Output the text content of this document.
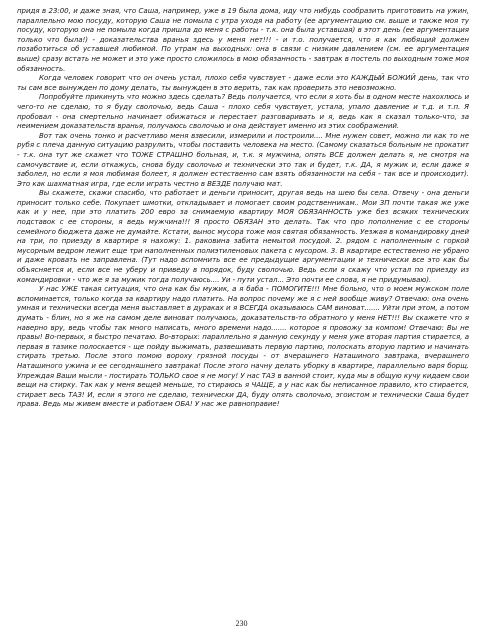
придя в 23:00, и даже зная, что Саша, например, уже в 19 была дома, иду что нибудь сообразить приготовить на ужин, параллельно мою посуду, которую Саша не помыла с утра уходя на работу (ее аргументацию см. выше и также моя ту посуду, которую она не помыла когда пришла до меня с работы - т.к. она была уставшая) в этот день (ее аргументация только что была!) - доказательства вранья здесь у меня нет!!! - и т.о. получается, что я как любящий должен позаботиться об уставшей любимой. По утрам на выходных: она в связи с низким давлением (см. ее аргументация выше) сразу встать не может и это уже просто сложилось в мою обязанность - завтрак в постель по выходным тоже моя обязанность.

Когда человек говорит что он очень устал, плохо себя чувствует - даже если это КАЖДЫЙ БОЖИЙ день, так что ты сам все вынужден по дому делать, ты вынужден в это верить, так как проверить это невозможно.

Попробуйте прикинуть что можно здесь сделать? Ведь получается, что если я хоть бы в одном месте нахохлюсь и чего-то не сделаю, то я буду сволочью, ведь Саша - плохо себя чувствует, устала, упало давление и т.д. и т.п. Я пробовал - она смертельно начинает обижаться и перестает разговаривать и я, ведь как я сказал только-что, за неимением доказательств вранья, получаюсь сволочью и она действует именно из этих соображений.

Вот так очень тонко и расчетливо меня взвесили, измерили и построили.... Мне нужен совет, можно ли как то не рубя с плеча данную ситуацию разрулить, чтобы поставить человека на место. (Самому сказаться больным не прокатит - т.к. она тут же скажет что ТОЖЕ СТРАШНО больная, и, т.к. я мужчина, опять ВСЕ должен делать я, не смотря на самочувствие и, если откажусь, снова буду сволочью и технически это так и будет, т.к. ДА, я мужик и, если даже я заболел, но если я моя любимая болеет, я должен естественно сам взять обязанности на себя - так все и происходит). Это как шахматная игра, где если играть честно в ВЕЗДЕ получаю мат.

Вы скажете, скажи спасибо, что работает и деньги приносит, другая ведь на шею бы села. Отвечу - она деньги приносит только себе. Покупает шмотки, откладывает и помогает своим родственникам.. Мои ЗП почти такая же уже как и у нее, при это платить 200 евро за снимаемую квартиру МОЯ ОБЯЗАННОСТЬ уже без всяких технических подставок с ее стороны, я ведь мужчина!!! Я просто ОБЯЗАН это делать. Так что про пополнение с ее стороны семейного бюджета даже не думайте. Кстати, вынос мусора тоже моя святая обязанность. Уезжая в командировку дней на три, по приезду в квартире я нахожу: 1. раковина забита немытой посудой. 2. рядом с наполненным с горкой мусорным ведром лежит еще три наполненных полиэтиленовых пакета с мусором. 3. В квартире естественно не убрано и даже кровать не заправлена. (Тут надо вспомнить все ее предыдущие аргументации и технически все это как бы объясняется и, если все не уберу и приведу в порядок, буду сволочью. Ведь если я скажу что устал по приезду из командировки - что же я за мужик тогда получаюсь.... Уи - пути устал... Это почти ее слова, я не придумываю).

У нас УЖЕ такая ситуация, что она как бы мужик, а я баба - ПОМОГИТЕ!!! Мне больно, что о моем мужском поле вспоминается, только когда за квартиру надо платить. На вопрос почему же я с ней вообще живу? Отвечаю: она очень умная и технически всегда меня выставляет в дураках и я ВСЕГДА оказываюсь САМ виноват....... Уйти при этом, а потом думать - блин, но я же на самом деле виноват получаюсь, доказательств-то обратного у меня НЕТ!!! Вы скажете что я наверно вру, ведь чтобы так много написать, много времени надо....... которое я провожу за компом! Отвечаю: Вы не правы! Во-первых, я быстро печатаю. Во-вторых: параллельно я данную секунду у меня уже вторая партия стирается, а первая в тазике полоскается - ще пойду выжимать, развешивать первую партию, полоскать вторую партию и начинать стирать третью. После этого помою вороху грязной посуды - от вчерашнего Наташиного завтрака, вчерашнего Наташиного ужина и ее сегодняшнего завтрака! После этого начну делать уборку в квартире, параллельно варя борщ. Упреждая Ваши мысли - постирать ТОЛЬКО свое я не могу! У нас ТАЗ в ванной стоит, куда мы в общую кучу кидаем свои вещи на стирку. Так как у меня вещей меньше, то стираюсь я ЧАЩЕ, а у нас как бы неписанное правило, кто стирается, стирает весь ТАЗ! И, если я этого не сделаю, технически ДА, буду опять сволочью, эгоистом и технически Саша будет права. Ведь мы живем вместе и работаем ОБА! У нас же равноправие!

230
